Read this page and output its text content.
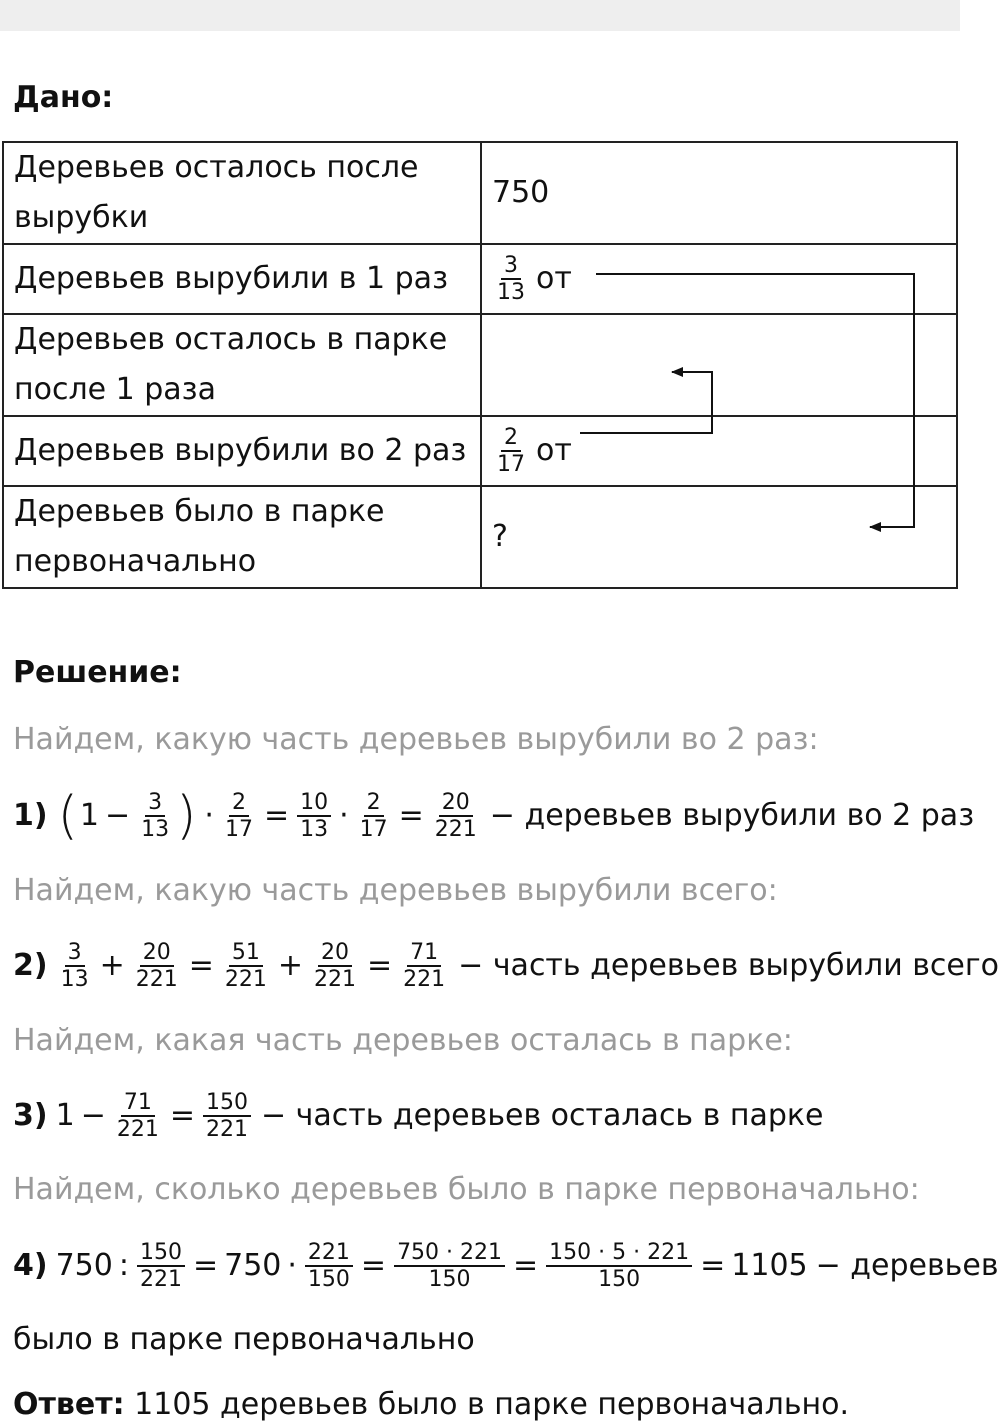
Дано:
Деревьев осталось после вырубки	750
Деревьев вырубили в 1 раз	$\frac{3}{13}$ от
Деревьев осталось в парке после 1 раза	
Деревьев вырубили во 2 раз	$\frac{2}{17}$ от
Деревьев было в парке первоначально	?
Решение:
Найдем, какую часть деревьев вырубили во 2 раз:
1) ( $1 - \frac{3}{13}$ ) · $\frac{2}{17} = \frac{10}{13} \cdot \frac{2}{17} = \frac{20}{221}$ − деревьев вырубили во 2 раз
Найдем, какую часть деревьев вырубили всего:
$2) \frac{3}{13} + \frac{20}{221} = \frac{51}{221} + \frac{20}{221} = \frac{71}{221}$ − часть деревьев вырубили всего
Найдем, какая часть деревьев осталась в парке:
3) $1 - \frac{71}{221} = \frac{150}{221}$ − часть деревьев осталась в парке
Найдем, сколько деревьев было в парке первоначально:
4) 750 : $\frac{150}{221} = 750 \cdot \frac{221}{150} = \frac{750 \cdot 221}{150} = \frac{150 \cdot 5 \cdot 221}{150} = 1105$ − деревьев
было в парке первоначально
Ответ: 1105 деревьев было в парке первоначально.
